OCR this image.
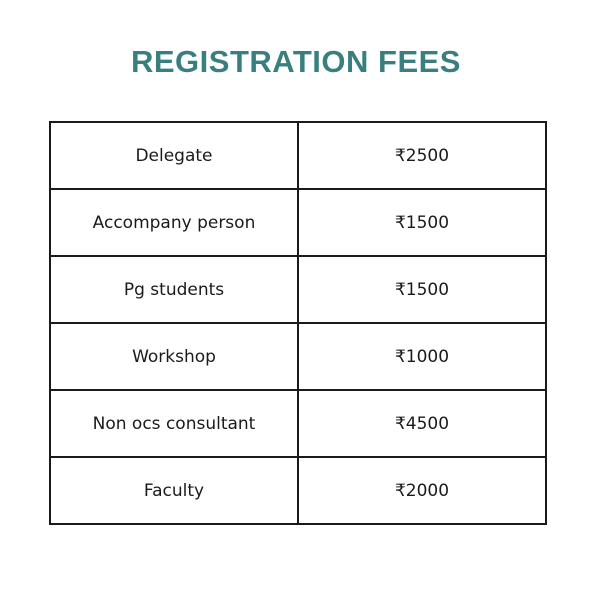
REGISTRATION FEES
Delegate	₹2500
Accompany person	₹1500
Pg students	₹1500
Workshop	₹1000
Non ocs consultant	₹4500
Faculty	₹2000
